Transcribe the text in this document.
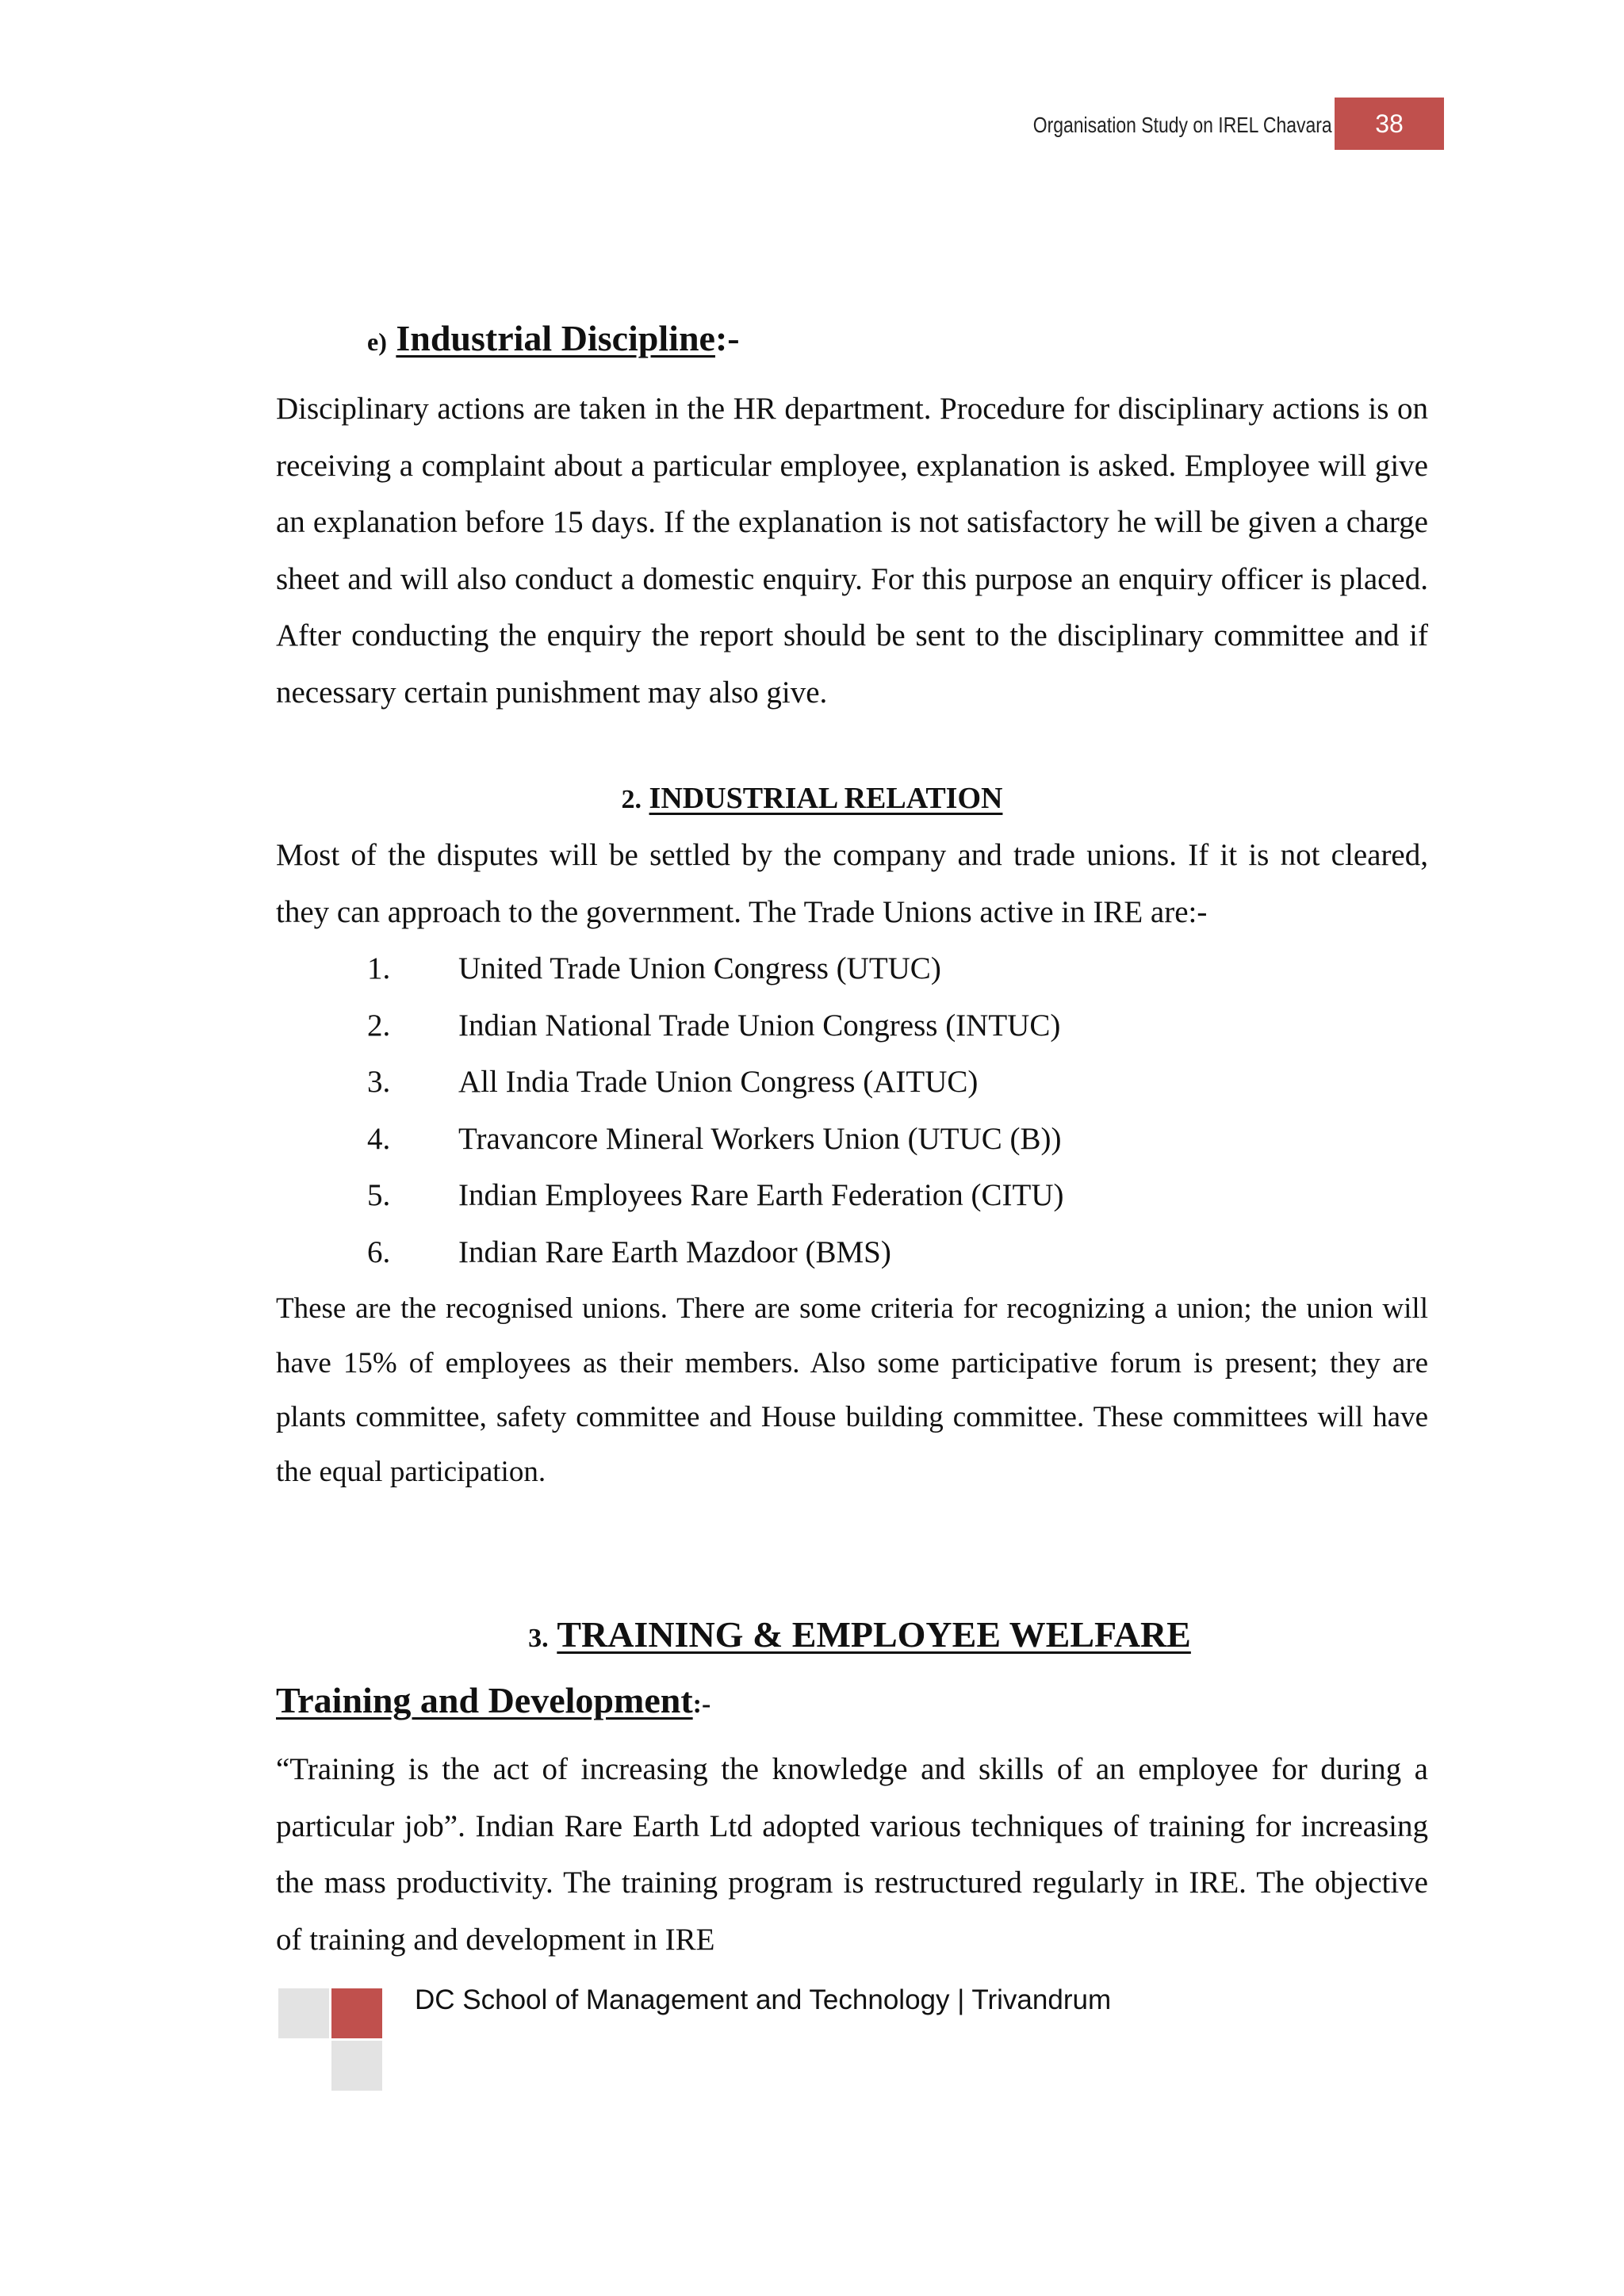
Organisation Study on IREL Chavara	38
e) Industrial Discipline:-

Disciplinary actions are taken in the HR department. Procedure for disciplinary actions is on receiving a complaint about a particular employee, explanation is asked. Employee will give an explanation before 15 days. If the explanation is not satisfactory he will be given a charge sheet and will also conduct a domestic enquiry. For this purpose an enquiry officer is placed. After conducting the enquiry the report should be sent to the disciplinary committee and if necessary certain punishment may also give.

2. INDUSTRIAL RELATION

Most of the disputes will be settled by the company and trade unions. If it is not cleared, they can approach to the government. The Trade Unions active in IRE are:-

1. United Trade Union Congress (UTUC)
2. Indian National Trade Union Congress (INTUC)
3. All India Trade Union Congress (AITUC)
4. Travancore Mineral Workers Union (UTUC (B))
5. Indian Employees Rare Earth Federation (CITU)
6. Indian Rare Earth Mazdoor (BMS)

These are the recognised unions. There are some criteria for recognizing a union; the union will have 15% of employees as their members. Also some participative forum is present; they are plants committee, safety committee and House building committee. These committees will have the equal participation.

3. TRAINING & EMPLOYEE WELFARE
Training and Development:-

“Training is the act of increasing the knowledge and skills of an employee for during a particular job”. Indian Rare Earth Ltd adopted various techniques of training for increasing the mass productivity. The training program is restructured regularly in IRE. The objective of training and development in IRE

DC School of Management and Technology | Trivandrum
